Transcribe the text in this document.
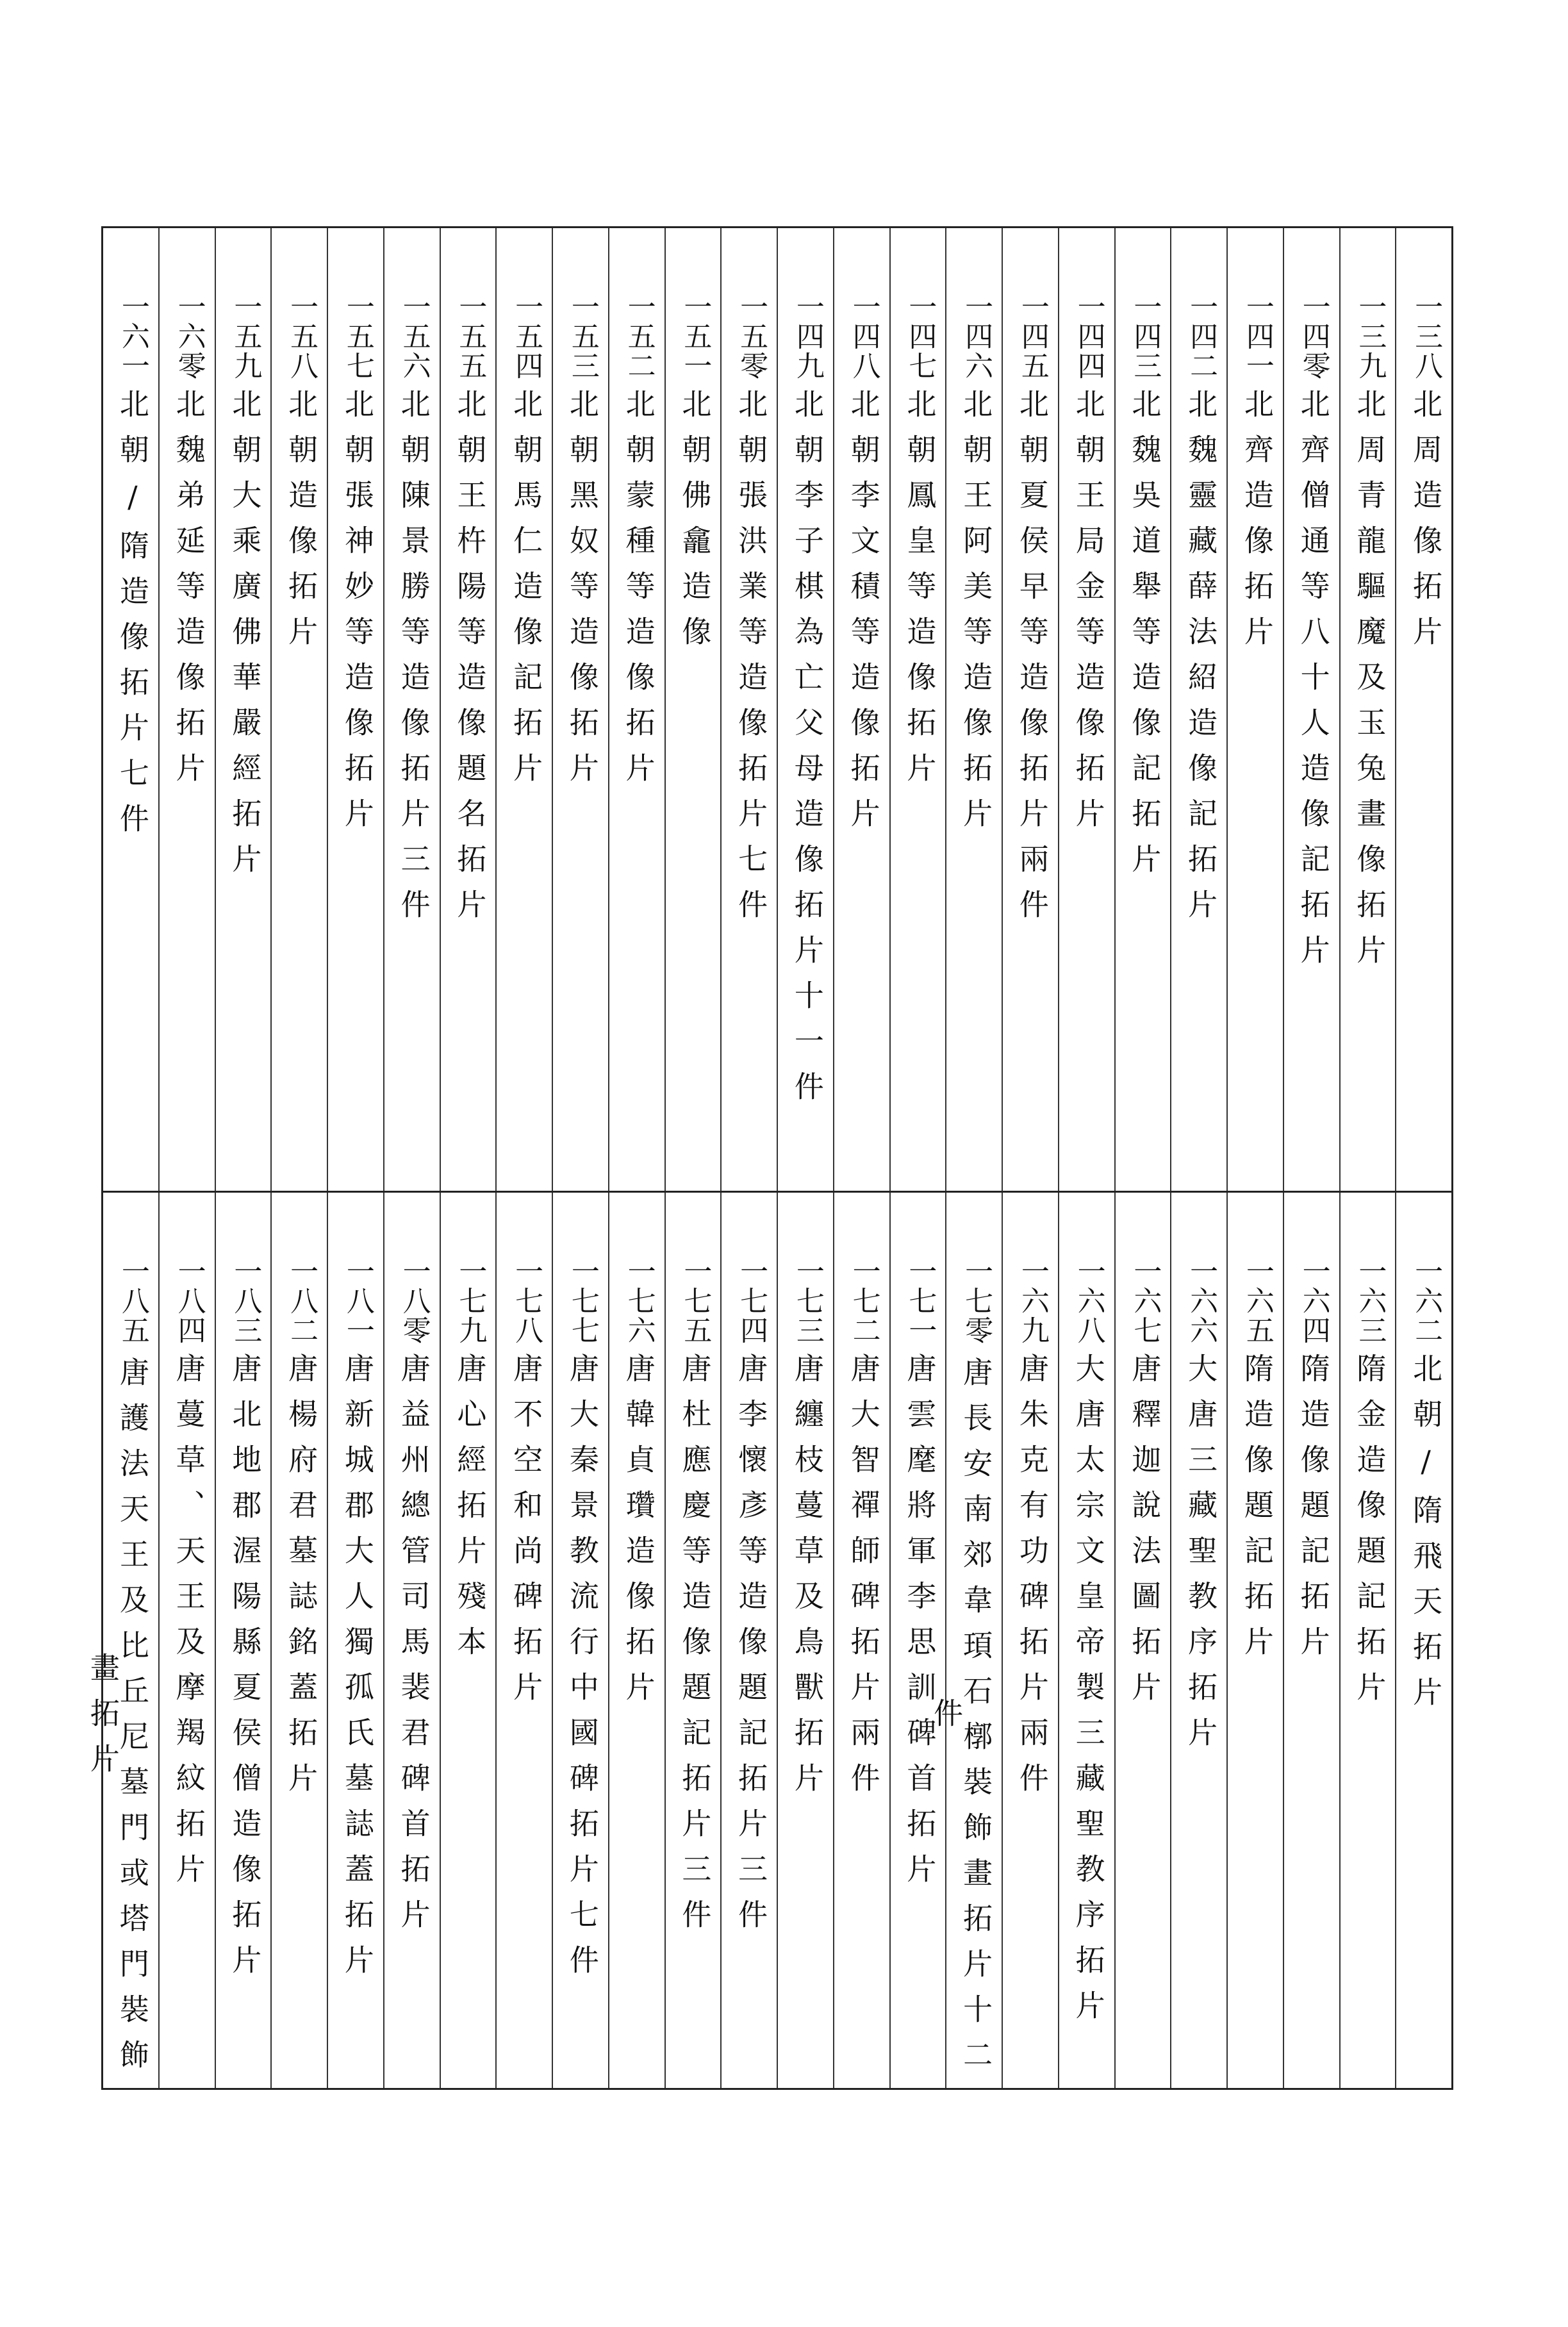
一三八
北周造像拓片
一三九
北周青龍驅魔及玉兔畫像拓片
一四零
北齊僧通等八十人造像記拓片
一四一
北齊造像拓片
一四二
北魏靈藏薛法紹造像記拓片
一四三
北魏吳道舉等造像記拓片
一四四
北朝王局金等造像拓片
一四五
北朝夏侯早等造像拓片兩件
一四六
北朝王阿美等造像拓片
一四七
北朝鳳皇等造像拓片
一四八
北朝李文積等造像拓片
一四九
北朝李子棋為亡父母造像拓片十一件
一五零
北朝張洪業等造像拓片七件
一五一
北朝佛龕造像
一五二
北朝蒙種等造像拓片
一五三
北朝黑奴等造像拓片
一五四
北朝馬仁造像記拓片
一五五
北朝王杵陽等造像題名拓片
一五六
北朝陳景勝等造像拓片三件
一五七
北朝張神妙等造像拓片
一五八
北朝造像拓片
一五九
北朝大乘廣佛華嚴經拓片
一六零
北魏弟延等造像拓片
一六一
北朝/隋造像拓片七件
一六二
北朝/隋飛天拓片
一六三
隋金造像題記拓片
一六四
隋造像題記拓片
一六五
隋造像題記拓片
一六六
大唐三藏聖教序拓片
一六七
唐釋迦說法圖拓片
一六八
大唐太宗文皇帝製三藏聖教序拓片
一六九
唐朱克有功碑拓片兩件
一七零
唐長安南郊韋頊石槨裝飾畫拓片十二件
一七一
唐雲麾將軍李思訓碑首拓片
一七二
唐大智禪師碑拓片兩件
一七三
唐纏枝蔓草及鳥獸拓片
一七四
唐李懷彥等造像題記拓片三件
一七五
唐杜應慶等造像題記拓片三件
一七六
唐韓貞瓚造像拓片
一七七
唐大秦景教流行中國碑拓片七件
一七八
唐不空和尚碑拓片
一七九
唐心經拓片殘本
一八零
唐益州總管司馬裴君碑首拓片
一八一
唐新城郡大人獨孤氏墓誌蓋拓片
一八二
唐楊府君墓誌銘蓋拓片
一八三
唐北地郡渥陽縣夏侯僧造像拓片
一八四
唐蔓草、天王及摩羯紋拓片
一八五
唐護法天王及比丘尼墓門或塔門裝飾畫拓片
